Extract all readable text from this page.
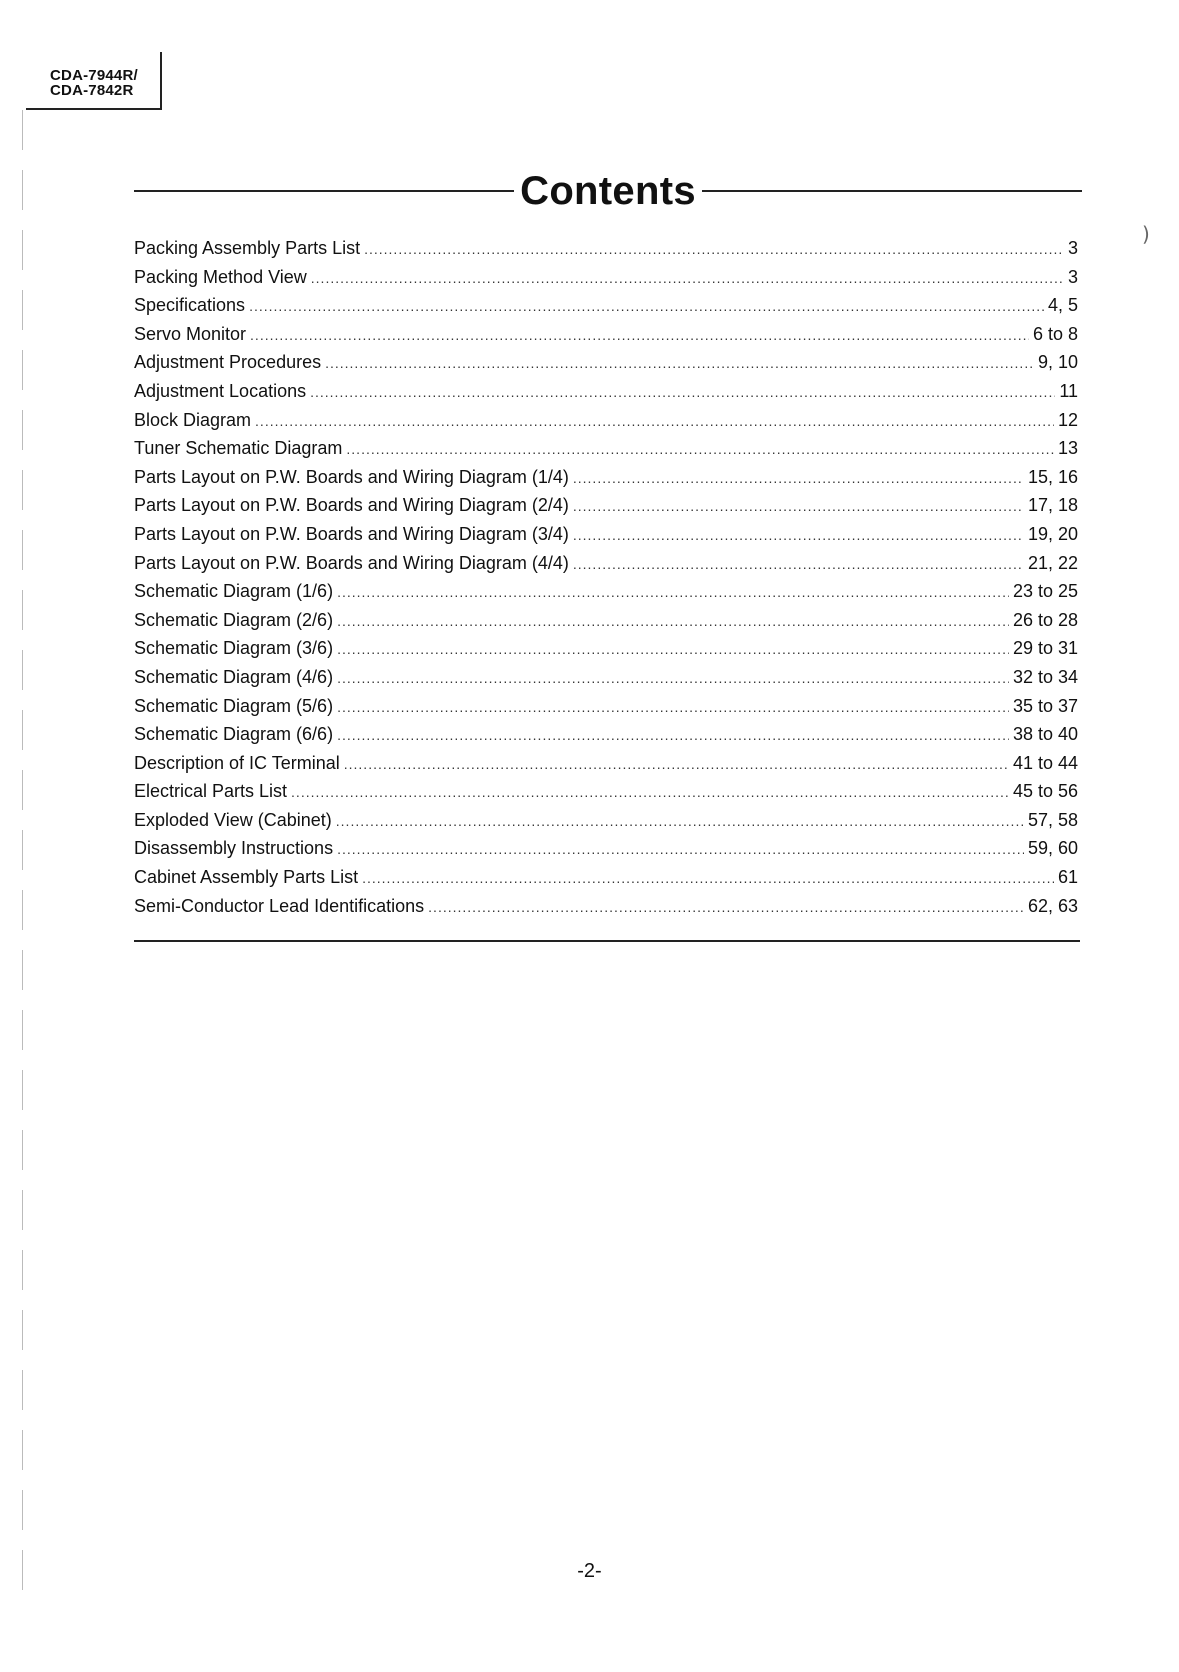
CDA-7944R/
CDA-7842R
Contents
Packing Assembly Parts List .....	3
Packing Method View .....	3
Specifications .....	4, 5
Servo Monitor .....	6 to 8
Adjustment Procedures .....	9, 10
Adjustment Locations .....	11
Block Diagram .....	12
Tuner Schematic Diagram .....	13
Parts Layout on P.W. Boards and Wiring Diagram (1/4) .....	15, 16
Parts Layout on P.W. Boards and Wiring Diagram (2/4) .....	17, 18
Parts Layout on P.W. Boards and Wiring Diagram (3/4) .....	19, 20
Parts Layout on P.W. Boards and Wiring Diagram (4/4) .....	21, 22
Schematic Diagram (1/6) .....	23 to 25
Schematic Diagram (2/6) .....	26 to 28
Schematic Diagram (3/6) .....	29 to 31
Schematic Diagram (4/6) .....	32 to 34
Schematic Diagram (5/6) .....	35 to 37
Schematic Diagram (6/6) .....	38 to 40
Description of IC Terminal .....	41 to 44
Electrical Parts List .....	45 to 56
Exploded View (Cabinet) .....	57, 58
Disassembly Instructions .....	59, 60
Cabinet Assembly Parts List .....	61
Semi-Conductor Lead Identifications .....	62, 63
-2-
)
